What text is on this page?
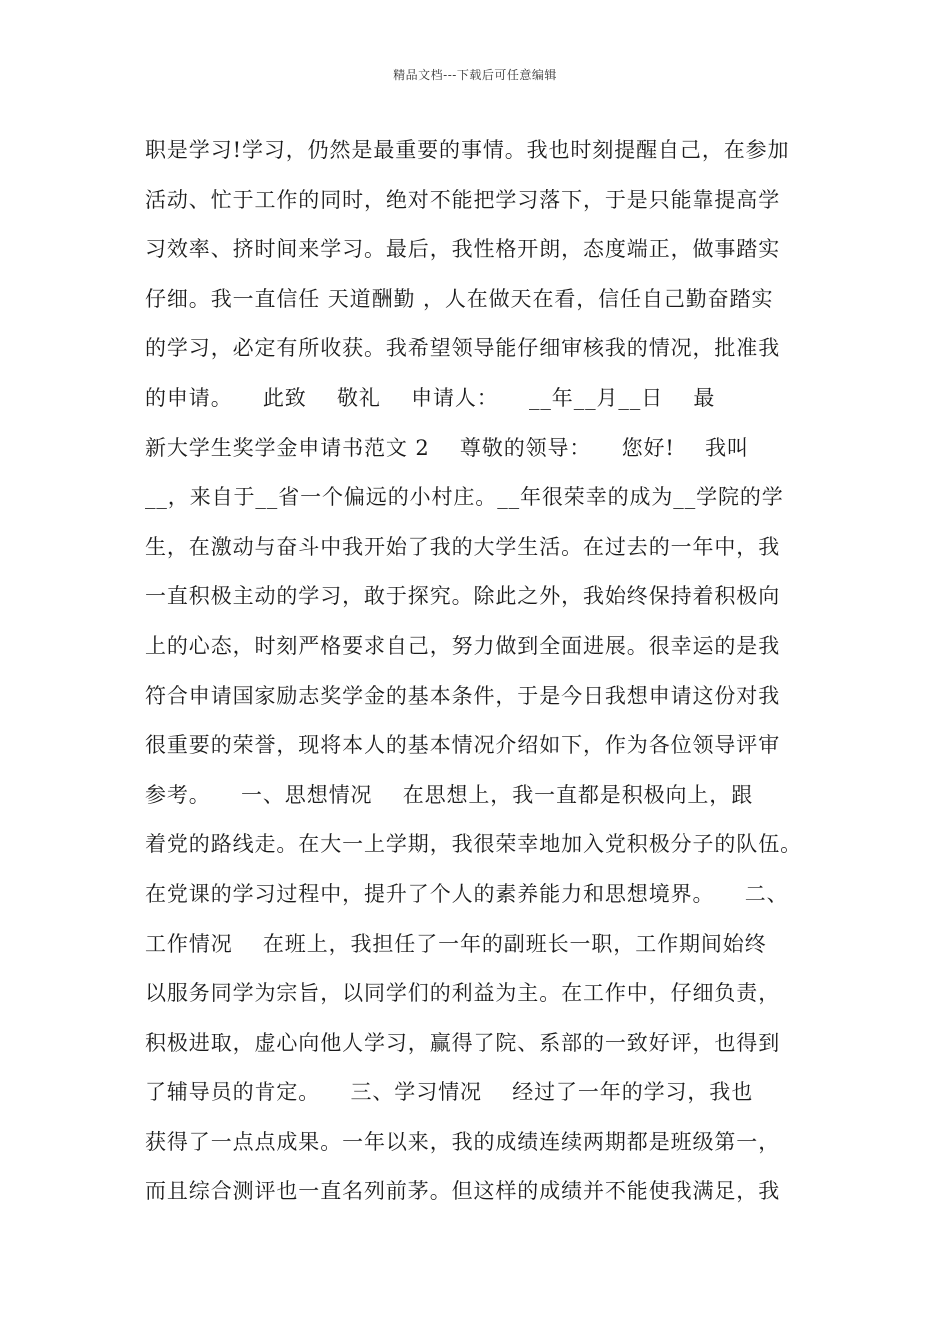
精品文档---下载后可任意编辑
职是学习!学习，仍然是最重要的事情。我也时刻提醒自己，在参加
活动、忙于工作的同时，绝对不能把学习落下，于是只能靠提高学
习效率、挤时间来学习。最后，我性格开朗，态度端正，做事踏实
仔细。我一直信任 天道酬勤 ，人在做天在看，信任自己勤奋踏实
的学习，必定有所收获。我希望领导能仔细审核我的情况，批准我
的申请。    此致    敬礼    申请人：    __年__月__日    最
新大学生奖学金申请书范文 2    尊敬的领导：    您好!    我叫
__，来自于__省一个偏远的小村庄。__年很荣幸的成为__学院的学
生，在激动与奋斗中我开始了我的大学生活。在过去的一年中，我
一直积极主动的学习，敢于探究。除此之外，我始终保持着积极向
上的心态，时刻严格要求自己，努力做到全面进展。很幸运的是我
符合申请国家励志奖学金的基本条件，于是今日我想申请这份对我
很重要的荣誉，现将本人的基本情况介绍如下，作为各位领导评审
参考。    一、思想情况    在思想上，我一直都是积极向上，跟
着党的路线走。在大一上学期，我很荣幸地加入党积极分子的队伍。
在党课的学习过程中，提升了个人的素养能力和思想境界。    二、
工作情况    在班上，我担任了一年的副班长一职，工作期间始终
以服务同学为宗旨，以同学们的利益为主。在工作中，仔细负责，
积极进取，虚心向他人学习，赢得了院、系部的一致好评，也得到
了辅导员的肯定。    三、学习情况    经过了一年的学习，我也
获得了一点点成果。一年以来，我的成绩连续两期都是班级第一，
而且综合测评也一直名列前茅。但这样的成绩并不能使我满足，我
